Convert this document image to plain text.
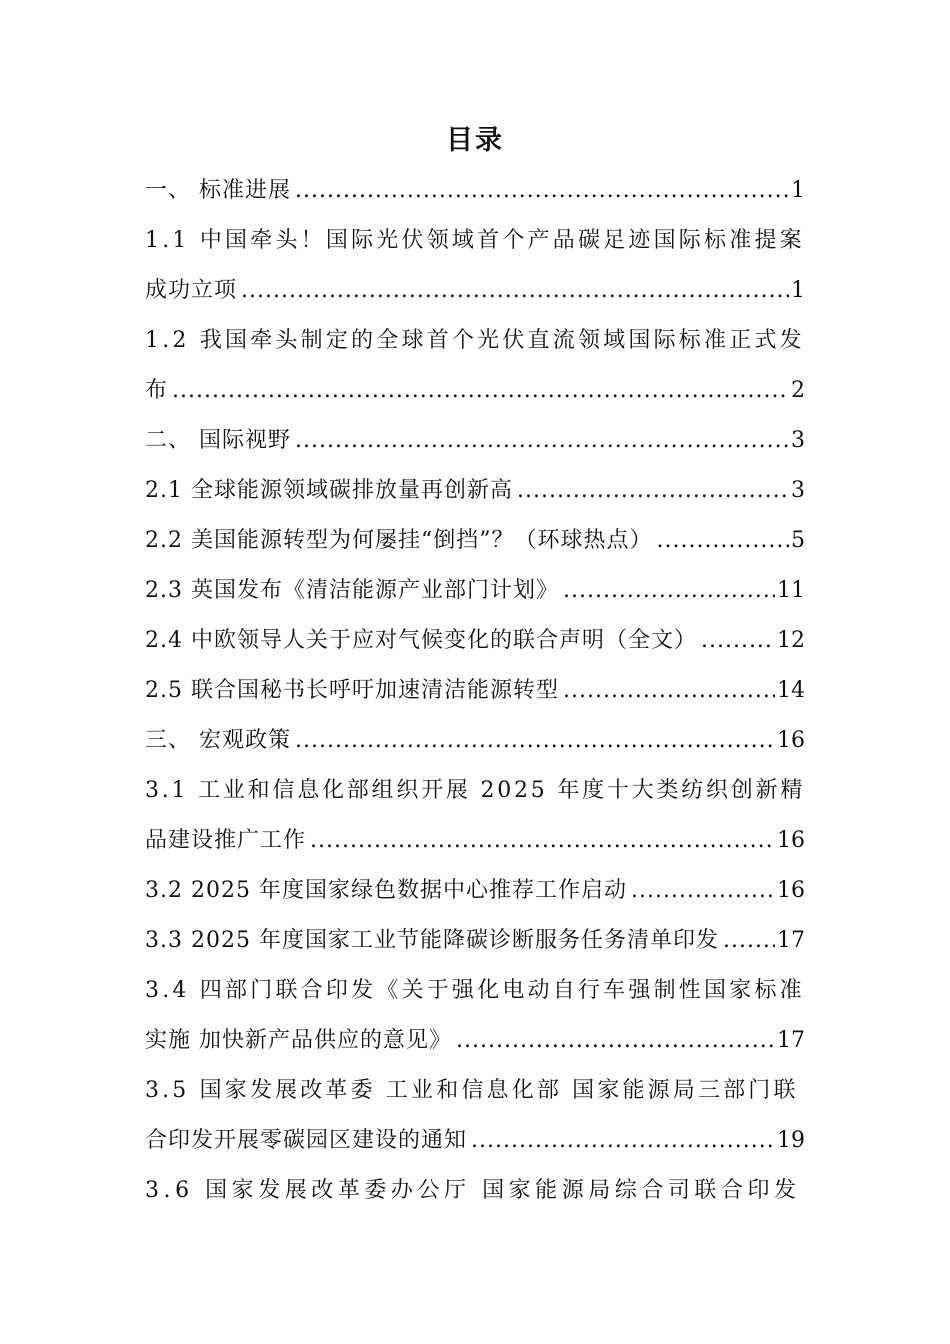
目录
一、 标准进展 .....	1
1.1 中国牵头！国际光伏领域首个产品碳足迹国际标准提案
成功立项 .....	1
1.2 我国牵头制定的全球首个光伏直流领域国际标准正式发
布 .....	2
二、 国际视野 .....	3
2.1 全球能源领域碳排放量再创新高 .....	3
2.2 美国能源转型为何屡挂“倒挡”？（环球热点） .....	5
2.3 英国发布《清洁能源产业部门计划》 .....	11
2.4 中欧领导人关于应对气候变化的联合声明（全文） .....	12
2.5 联合国秘书长呼吁加速清洁能源转型 .....	14
三、 宏观政策 .....	16
3.1 工业和信息化部组织开展 2025 年度十大类纺织创新精
品建设推广工作 .....	16
3.2 2025 年度国家绿色数据中心推荐工作启动 .....	16
3.3 2025 年度国家工业节能降碳诊断服务任务清单印发 .....	17
3.4 四部门联合印发《关于强化电动自行车强制性国家标准
实施 加快新产品供应的意见》 .....	17
3.5 国家发展改革委 工业和信息化部 国家能源局三部门联
合印发开展零碳园区建设的通知 .....	19
3.6 国家发展改革委办公厅 国家能源局综合司联合印发
